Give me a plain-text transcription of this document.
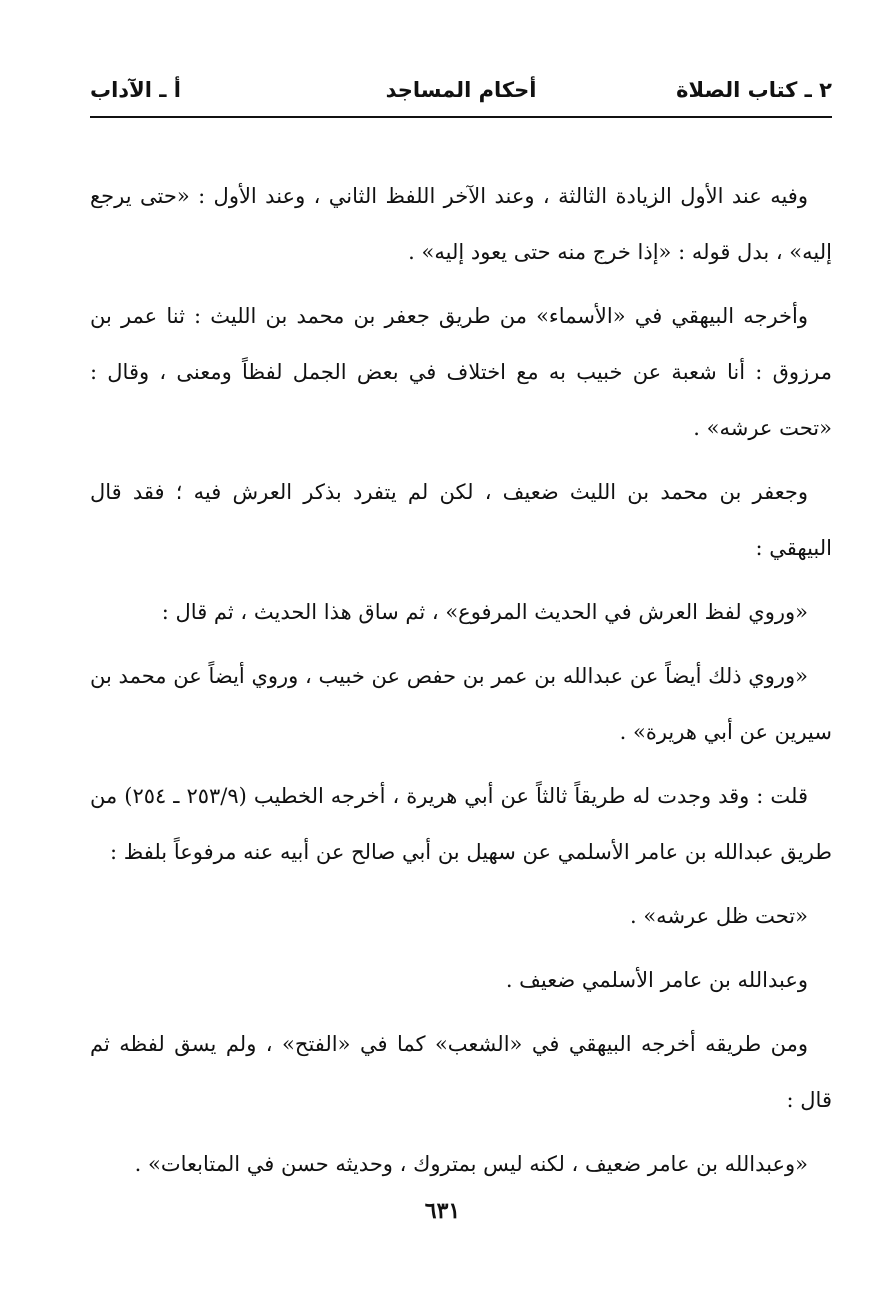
٢ ـ كتاب الصلاة
أحكام المساجد
أ ـ الآداب

وفيه عند الأول الزيادة الثالثة ، وعند الآخر اللفظ الثاني ، وعند الأول : «حتى يرجع إليه» ، بدل قوله : «إذا خرج منه حتى يعود إليه» .

وأخرجه البيهقي في «الأسماء» من طريق جعفر بن محمد بن الليث : ثنا عمر بن مرزوق : أنا شعبة عن خبيب به مع اختلاف في بعض الجمل لفظاً ومعنى ، وقال : «تحت عرشه» .

وجعفر بن محمد بن الليث ضعيف ، لكن لم يتفرد بذكر العرش فيه ؛ فقد قال البيهقي :

«وروي لفظ العرش في الحديث المرفوع» ، ثم ساق هذا الحديث ، ثم قال :

«وروي ذلك أيضاً عن عبدالله بن عمر بن حفص عن خبيب ، وروي أيضاً عن محمد بن سيرين عن أبي هريرة» .

قلت : وقد وجدت له طريقاً ثالثاً عن أبي هريرة ، أخرجه الخطيب (٢٥٣/٩ ـ ٢٥٤) من طريق عبدالله بن عامر الأسلمي عن سهيل بن أبي صالح عن أبيه عنه مرفوعاً بلفظ :

«تحت ظل عرشه» .

وعبدالله بن عامر الأسلمي ضعيف .

ومن طريقه أخرجه البيهقي في «الشعب» كما في «الفتح» ، ولم يسق لفظه ثم قال :

«وعبدالله بن عامر ضعيف ، لكنه ليس بمتروك ، وحديثه حسن في المتابعات» .

٦٣١
